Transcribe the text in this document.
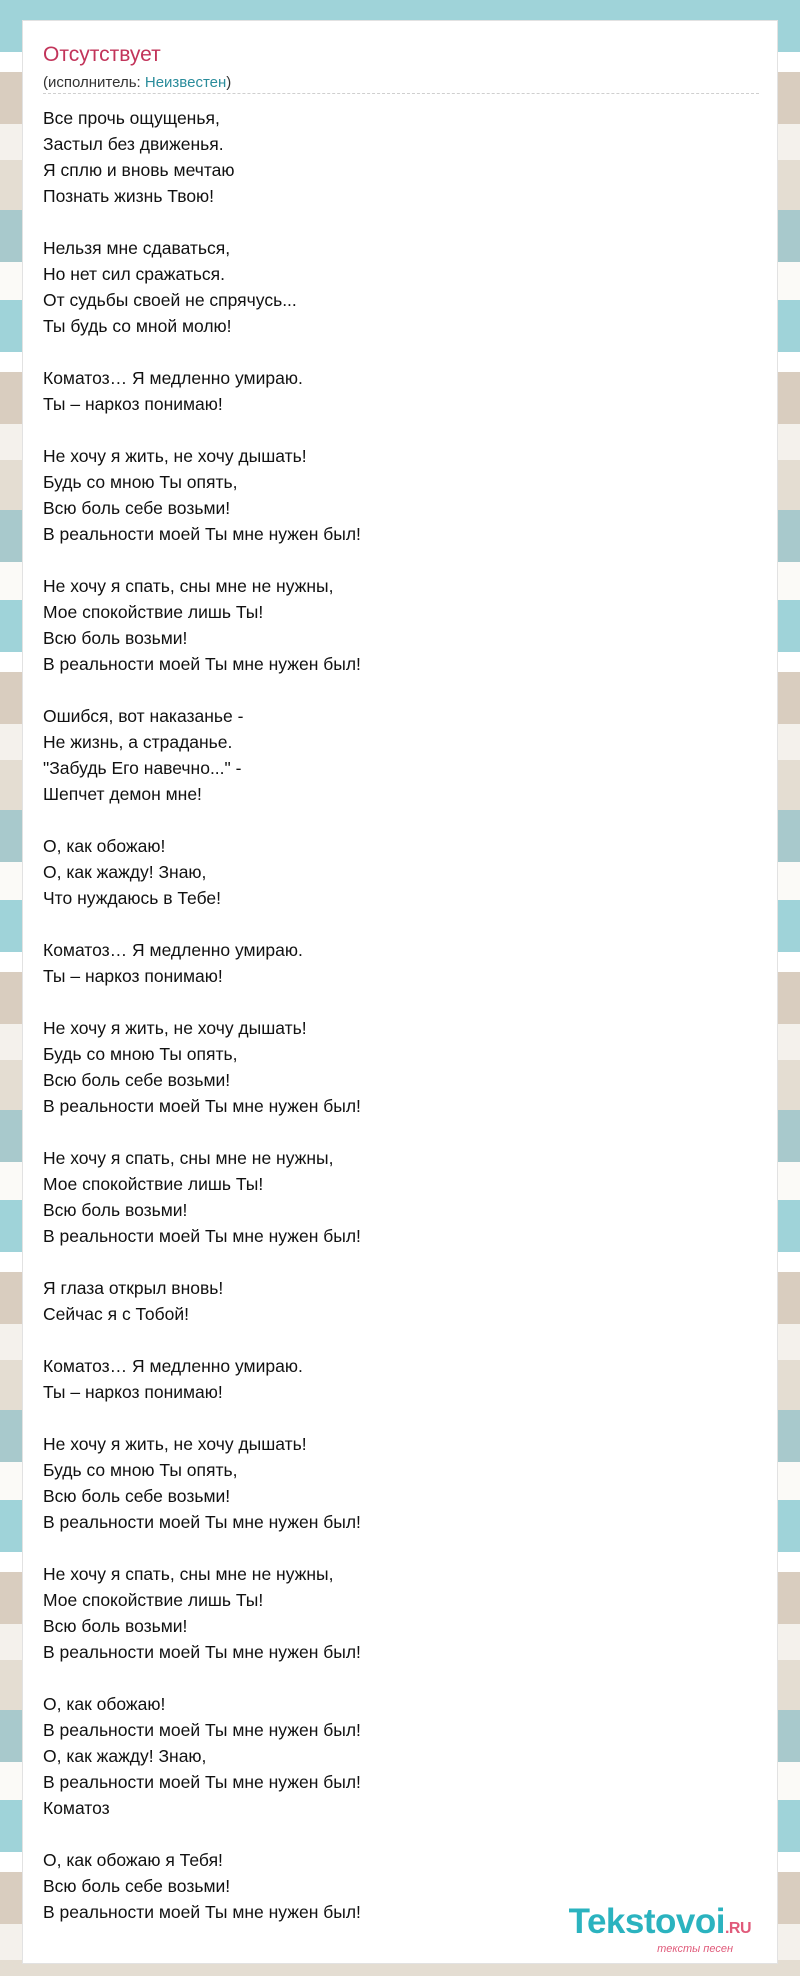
Отсутствует
(исполнитель: Неизвестен)
Все прочь ощущенья,
Застыл без движенья.
Я сплю и вновь мечтаю
Познать жизнь Твою!
Нельзя мне сдаваться,
Но нет сил сражаться.
От судьбы своей не спрячусь...
Ты будь со мной молю!
Коматоз… Я медленно умираю.
Ты – наркоз понимаю!
Не хочу я жить, не хочу дышать!
Будь со мною Ты опять,
Всю боль себе возьми!
В реальности моей Ты мне нужен был!
Не хочу я спать, сны мне не нужны,
Мое спокойствие лишь Ты!
Всю боль возьми!
В реальности моей Ты мне нужен был!
Ошибся, вот наказанье -
Не жизнь, а страданье.
"Забудь Его навечно..." -
Шепчет демон мне!
О, как обожаю!
О, как жажду! Знаю,
Что нуждаюсь в Тебе!
Коматоз… Я медленно умираю.
Ты – наркоз понимаю!
Не хочу я жить, не хочу дышать!
Будь со мною Ты опять,
Всю боль себе возьми!
В реальности моей Ты мне нужен был!
Не хочу я спать, сны мне не нужны,
Мое спокойствие лишь Ты!
Всю боль возьми!
В реальности моей Ты мне нужен был!
Я глаза открыл вновь!
Сейчас я с Тобой!
Коматоз… Я медленно умираю.
Ты – наркоз понимаю!
Не хочу я жить, не хочу дышать!
Будь со мною Ты опять,
Всю боль себе возьми!
В реальности моей Ты мне нужен был!
Не хочу я спать, сны мне не нужны,
Мое спокойствие лишь Ты!
Всю боль возьми!
В реальности моей Ты мне нужен был!
О, как обожаю!
В реальности моей Ты мне нужен был!
О, как жажду! Знаю,
В реальности моей Ты мне нужен был!
Коматоз
О, как обожаю я Тебя!
Всю боль себе возьми!
В реальности моей Ты мне нужен был!	Tekstovoi.RU
тексты песен
